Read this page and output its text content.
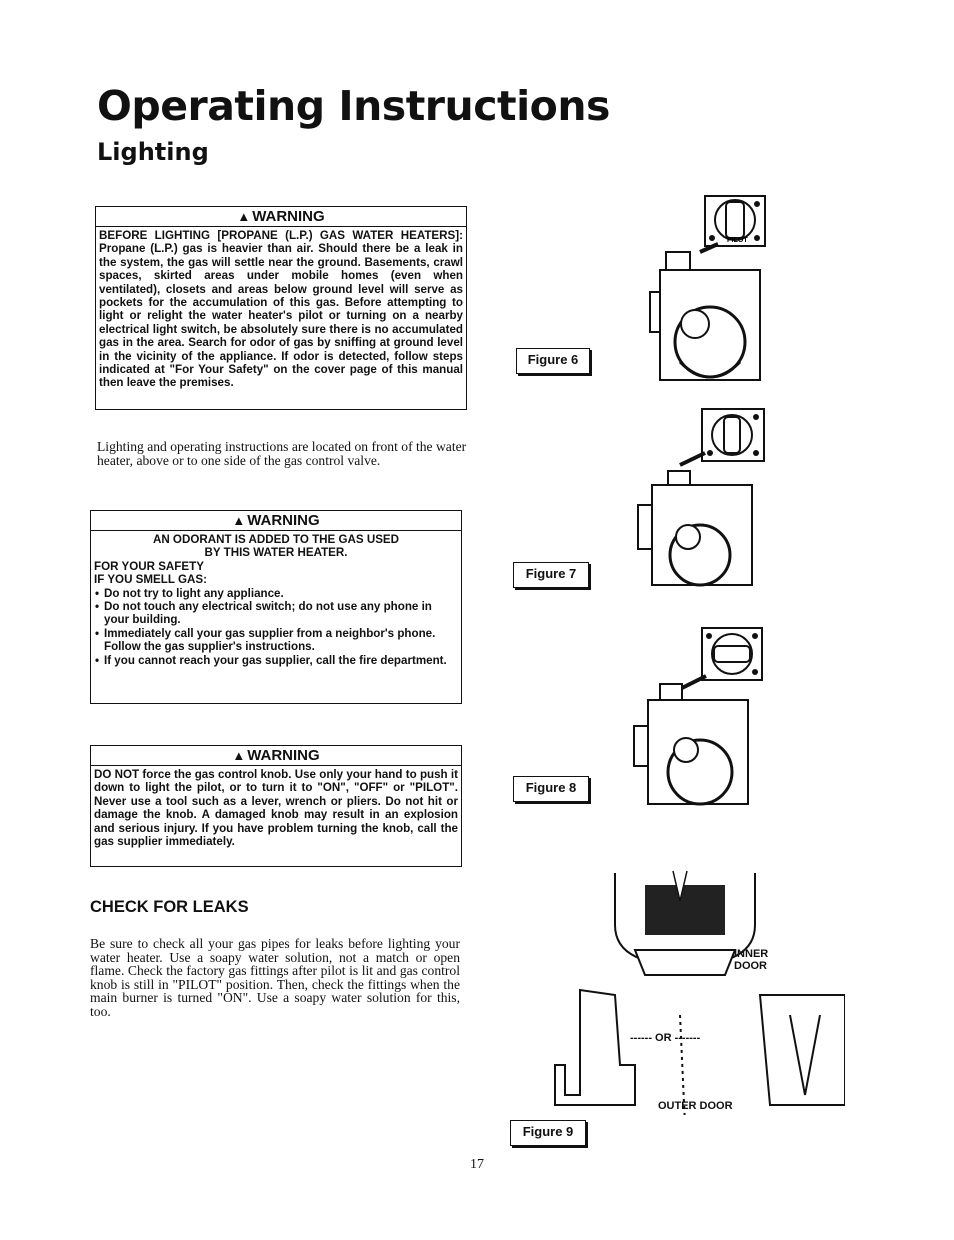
Operating Instructions
Lighting
▲ WARNING

BEFORE LIGHTING [PROPANE (L.P.) GAS WATER HEATERS]: Propane (L.P.) gas is heavier than air. Should there be a leak in the system, the gas will settle near the ground. Basements, crawl spaces, skirted areas under mobile homes (even when ventilated), closets and areas below ground level will serve as pockets for the accumulation of this gas. Before attempting to light or relight the water heater's pilot or turning on a nearby electrical light switch, be absolutely sure there is no accumulated gas in the area. Search for odor of gas by sniffing at ground level in the vicinity of the appliance. If odor is detected, follow steps indicated at "For Your Safety" on the cover page of this manual then leave the premises.

Lighting and operating instructions are located on front of the water heater, above or to one side of the gas control valve.
▲ WARNING

AN ODORANT IS ADDED TO THE GAS USED

BY THIS WATER HEATER.

FOR YOUR SAFETY

IF YOU SMELL GAS:

• Do not try to light any appliance.
• Do not touch any electrical switch; do not use any phone in your building.
• Immediately call your gas supplier from a neighbor's phone. Follow the gas supplier's instructions.
• If you cannot reach your gas supplier, call the fire department.
▲ WARNING

DO NOT force the gas control knob. Use only your hand to push it down to light the pilot, or to turn it to "ON", "OFF" or "PILOT". Never use a tool such as a lever, wrench or pliers. Do not hit or damage the knob. A damaged knob may result in an explosion and serious injury. If you have problem turning the knob, call the gas supplier immediately.

CHECK FOR LEAKS
Be sure to check all your gas pipes for leaks before lighting your water heater. Use a soapy water solution, not a match or open flame. Check the factory gas fittings after pilot is lit and gas control knob is still in "PILOT" position. Then, check the fittings when the main burner is turned "ON". Use a soapy water solution for this, too.
Figure 6
Figure 7
Figure 8
Figure 9
PILOT
INNER
DOOR
------ OR -------
OUTER DOOR
17
